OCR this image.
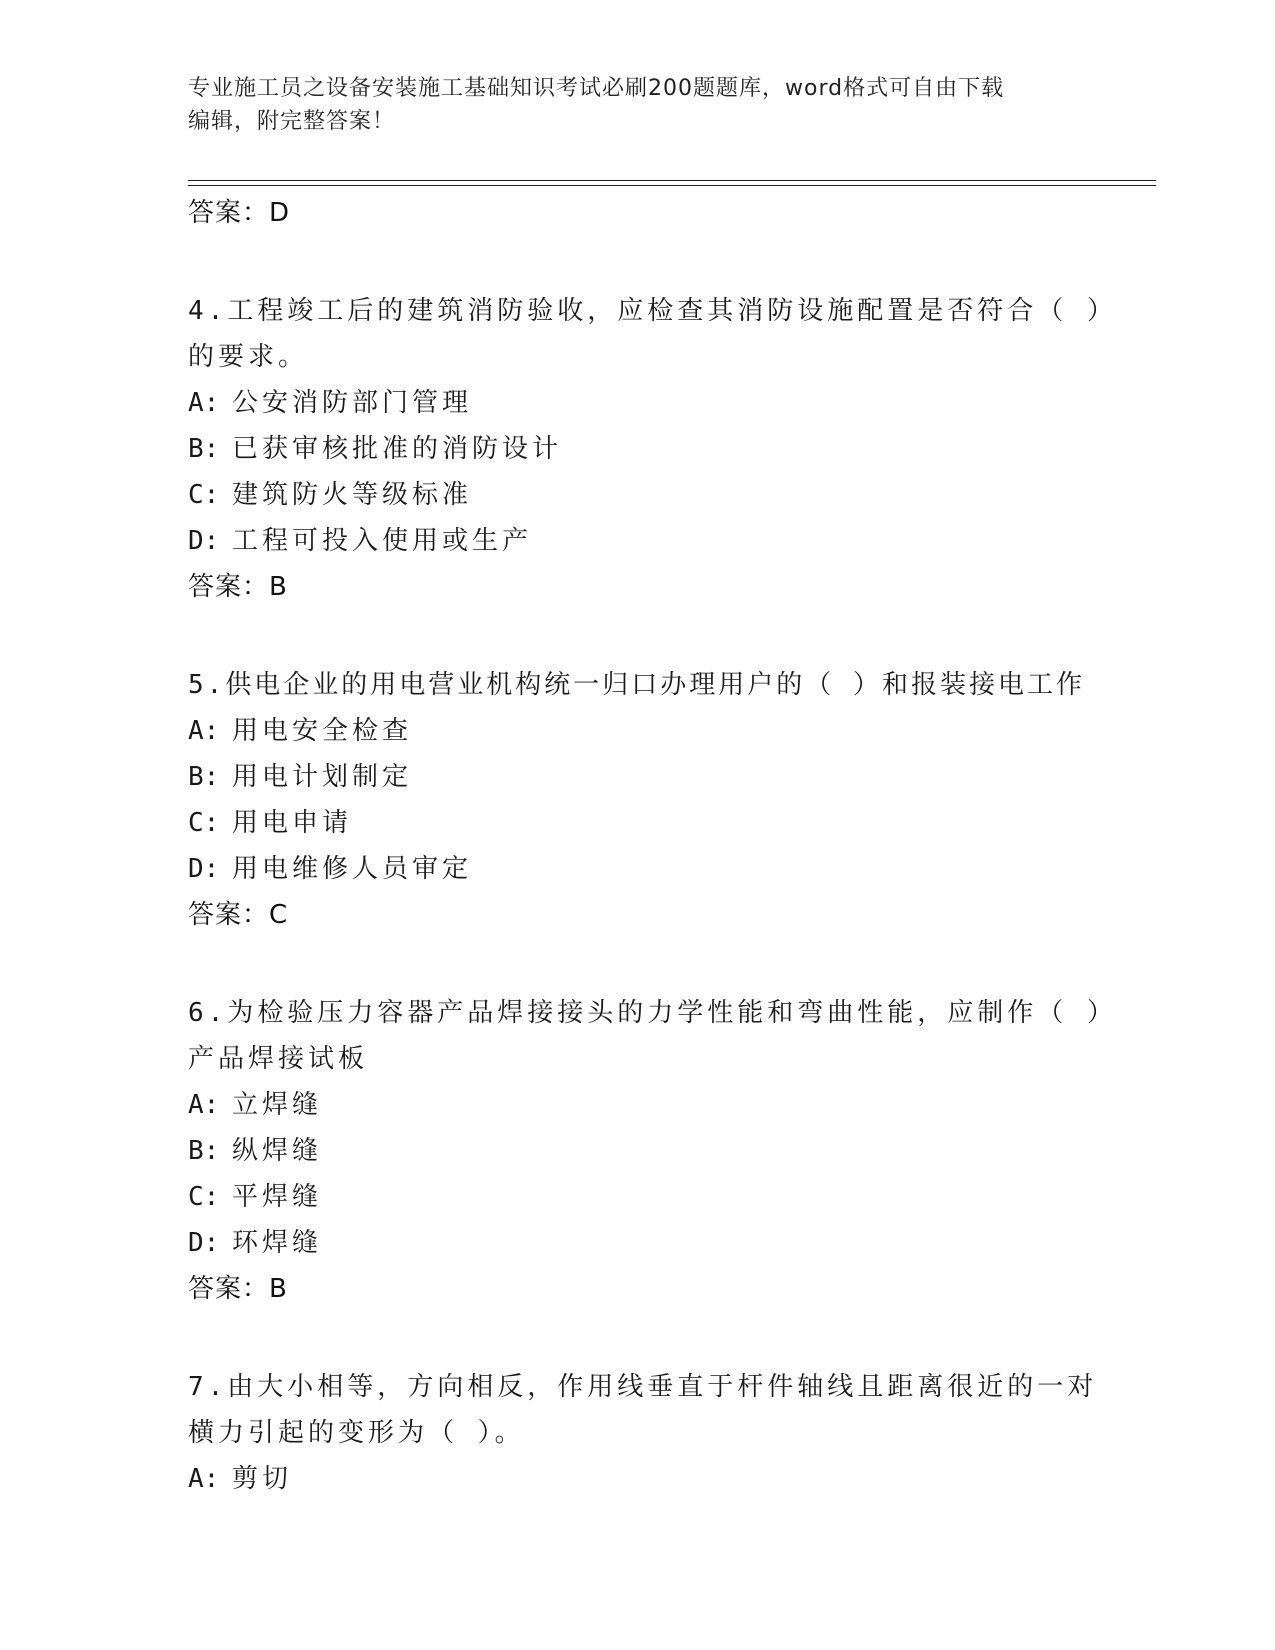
专业施工员之设备安装施工基础知识考试必刷200题题库，word格式可自由下载
编辑，附完整答案！

答案：D

4.工程竣工后的建筑消防验收，应检查其消防设施配置是否符合（ ）的要求。

A: 公安消防部门管理

B: 已获审核批准的消防设计

C: 建筑防火等级标准

D: 工程可投入使用或生产

答案：B

5.供电企业的用电营业机构统一归口办理用户的（ ）和报装接电工作

A: 用电安全检查

B: 用电计划制定

C: 用电申请

D: 用电维修人员审定

答案：C

6.为检验压力容器产品焊接接头的力学性能和弯曲性能，应制作（ ）产品焊接试板

A: 立焊缝

B: 纵焊缝

C: 平焊缝

D: 环焊缝

答案：B

7.由大小相等，方向相反，作用线垂直于杆件轴线且距离很近的一对横力引起的变形为（ ）。

A: 剪切
